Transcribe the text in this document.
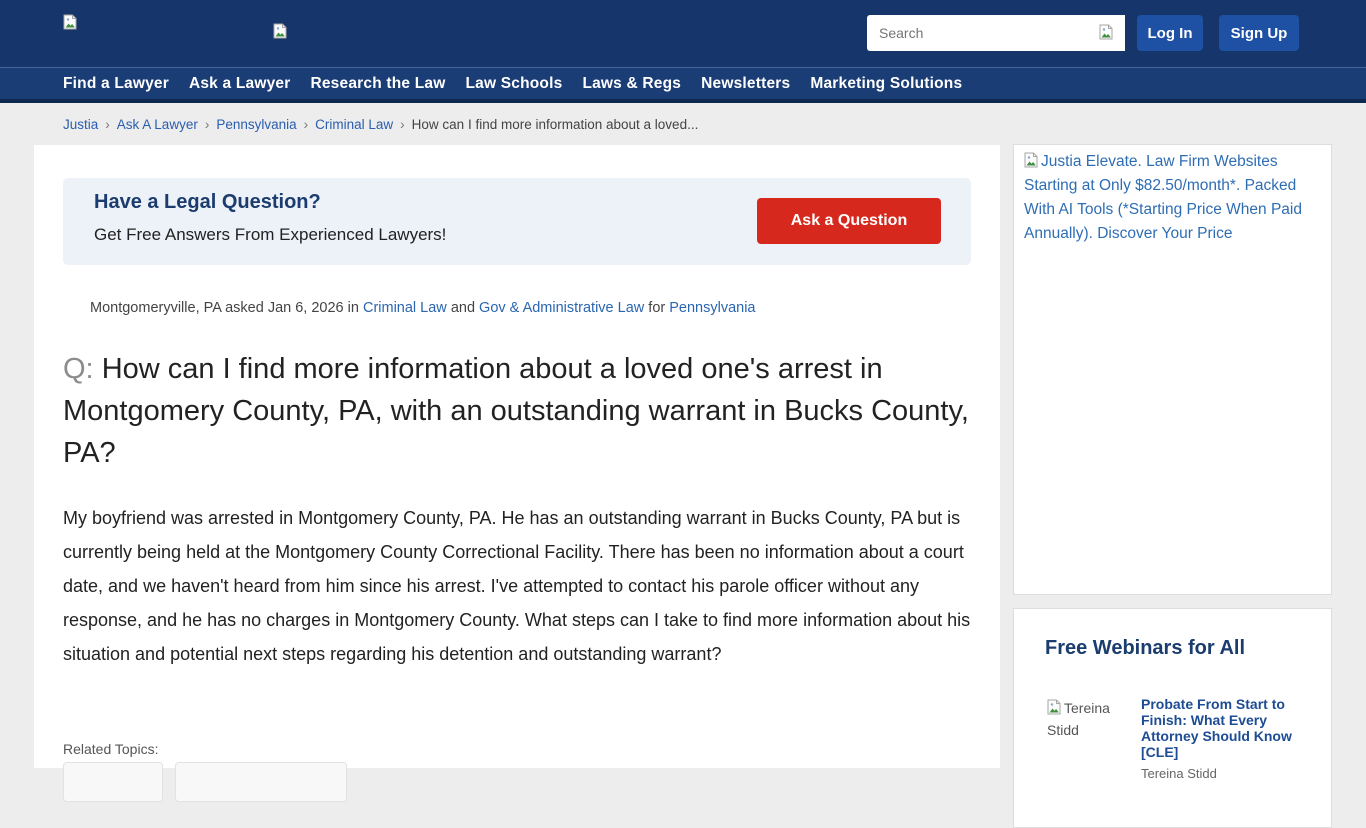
Search
Log In	Sign Up
Find a Lawyer Ask a Lawyer Research the Law Law Schools Laws & Regs Newsletters Marketing Solutions
Justia › Ask A Lawyer › Pennsylvania › Criminal Law › How can I find more information about a loved...
Have a Legal Question?
Get Free Answers From Experienced Lawyers!
Ask a Question
Montgomeryville, PA asked Jan 6, 2026 in Criminal Law and Gov & Administrative Law for Pennsylvania
Q: How can I find more information about a loved one's arrest in Montgomery County, PA, with an outstanding warrant in Bucks County, PA?

My boyfriend was arrested in Montgomery County, PA. He has an outstanding warrant in Bucks County, PA but is currently being held at the Montgomery County Correctional Facility. There has been no information about a court date, and we haven't heard from him since his arrest. I've attempted to contact his parole officer without any response, and he has no charges in Montgomery County. What steps can I take to find more information about his situation and potential next steps regarding his detention and outstanding warrant?

Related Topics:
Justia Elevate. Law Firm Websites Starting at Only $82.50/month*. Packed With AI Tools (*Starting Price When Paid Annually). Discover Your Price
Free Webinars for All
Tereina Stidd
Probate From Start to Finish: What Every Attorney Should Know [CLE]
Tereina Stidd
